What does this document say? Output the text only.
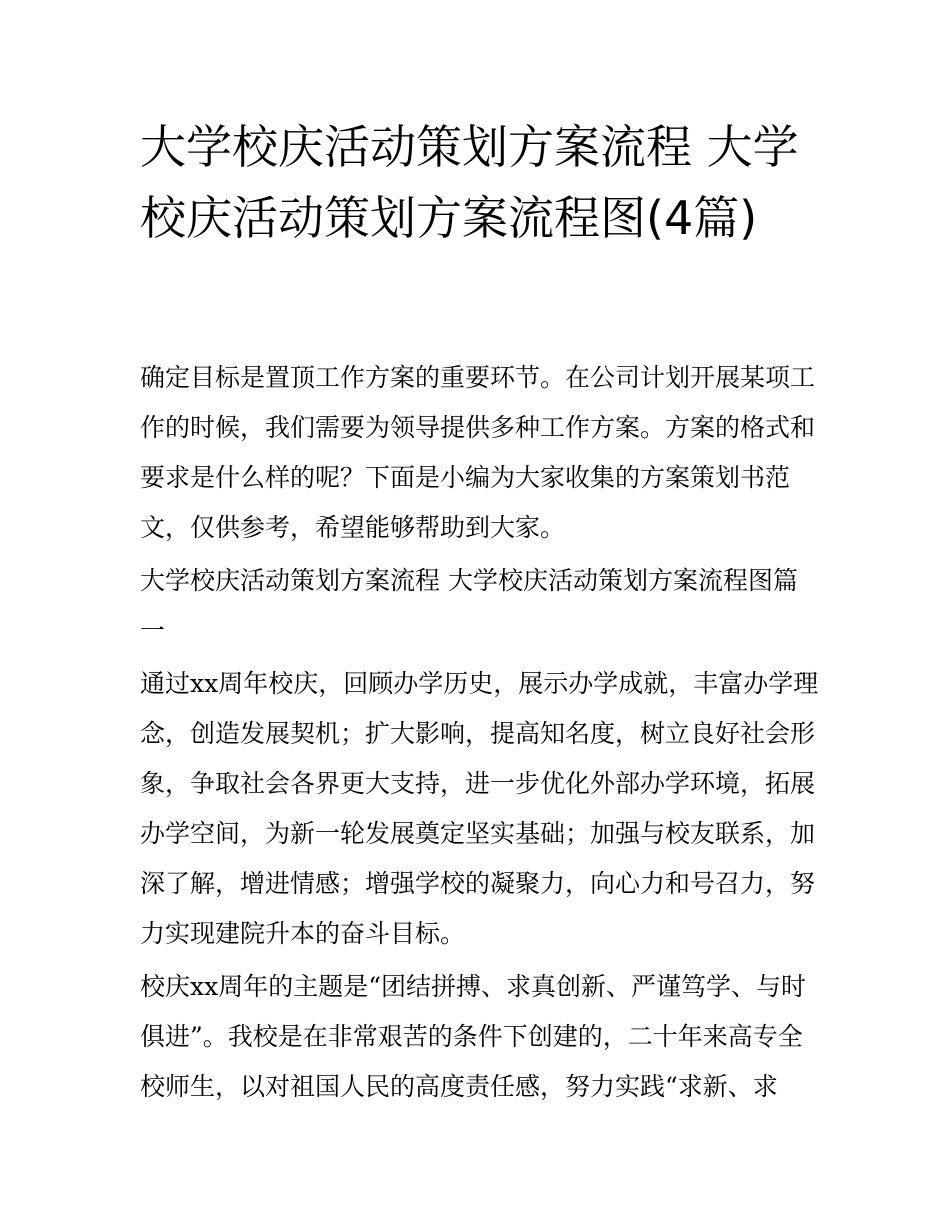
大学校庆活动策划方案流程 大学校庆活动策划方案流程图(4篇)

确定目标是置顶工作方案的重要环节。在公司计划开展某项工作的时候，我们需要为领导提供多种工作方案。方案的格式和要求是什么样的呢？下面是小编为大家收集的方案策划书范文，仅供参考，希望能够帮助到大家。

大学校庆活动策划方案流程 大学校庆活动策划方案流程图篇一

通过xx周年校庆，回顾办学历史，展示办学成就，丰富办学理念，创造发展契机；扩大影响，提高知名度，树立良好社会形象，争取社会各界更大支持，进一步优化外部办学环境，拓展办学空间，为新一轮发展奠定坚实基础；加强与校友联系，加深了解，增进情感；增强学校的凝聚力，向心力和号召力，努力实现建院升本的奋斗目标。

校庆xx周年的主题是“团结拼搏、求真创新、严谨笃学、与时俱进”。我校是在非常艰苦的条件下创建的，二十年来高专全校师生，以对祖国人民的高度责任感，努力实践“求新、求
